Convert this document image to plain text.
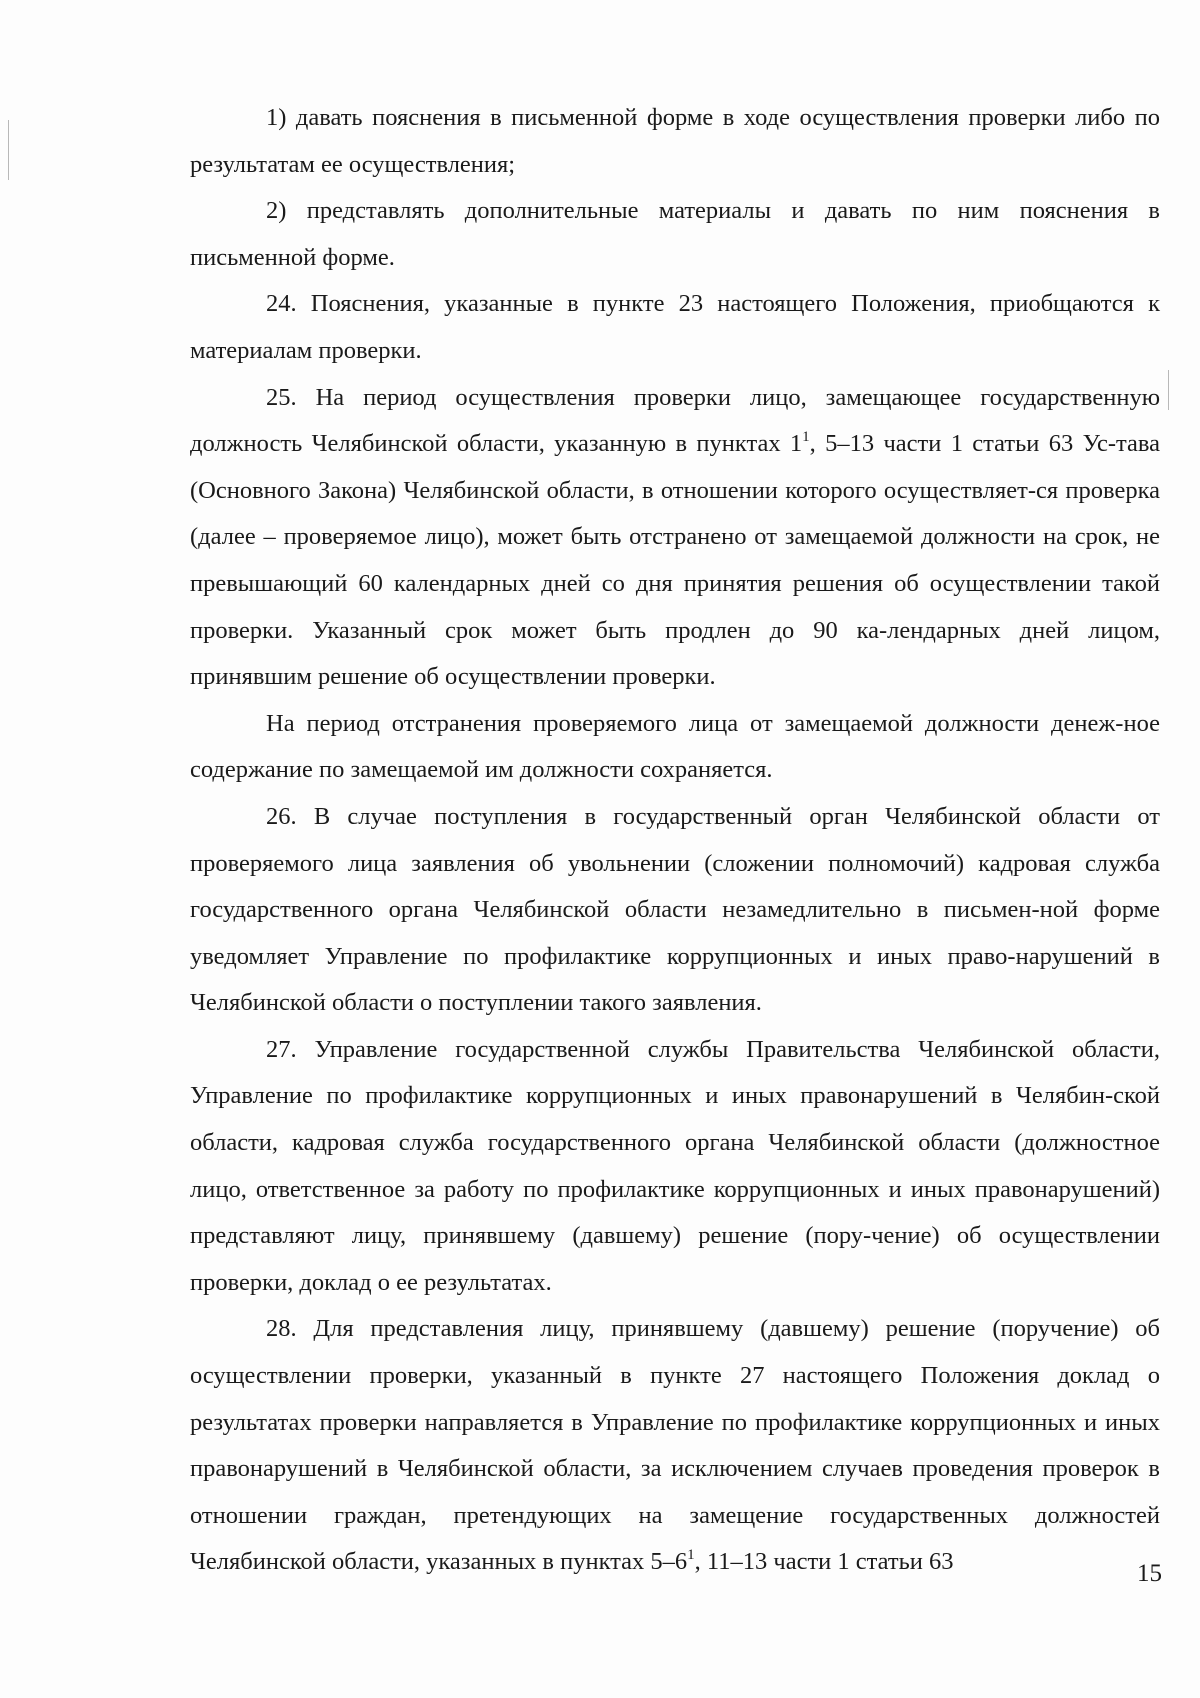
1) давать пояснения в письменной форме в ходе осуществления проверки либо по результатам ее осуществления;

2) представлять дополнительные материалы и давать по ним пояснения в письменной форме.

24. Пояснения, указанные в пункте 23 настоящего Положения, приобщаются к материалам проверки.

25. На период осуществления проверки лицо, замещающее государственную должность Челябинской области, указанную в пунктах $1^1$, 5–13 части 1 статьи 63 Ус-тава (Основного Закона) Челябинской области, в отношении которого осуществляет-ся проверка (далее – проверяемое лицо), может быть отстранено от замещаемой должности на срок, не превышающий 60 календарных дней со дня принятия решения об осуществлении такой проверки. Указанный срок может быть продлен до 90 ка-лендарных дней лицом, принявшим решение об осуществлении проверки.

На период отстранения проверяемого лица от замещаемой должности денеж-ное содержание по замещаемой им должности сохраняется.

26. В случае поступления в государственный орган Челябинской области от проверяемого лица заявления об увольнении (сложении полномочий) кадровая служба государственного органа Челябинской области незамедлительно в письмен-ной форме уведомляет Управление по профилактике коррупционных и иных право-нарушений в Челябинской области о поступлении такого заявления.

27. Управление государственной службы Правительства Челябинской области, Управление по профилактике коррупционных и иных правонарушений в Челябин-ской области, кадровая служба государственного органа Челябинской области (должностное лицо, ответственное за работу по профилактике коррупционных и иных правонарушений) представляют лицу, принявшему (давшему) решение (пору-чение) об осуществлении проверки, доклад о ее результатах.

28. Для представления лицу, принявшему (давшему) решение (поручение) об осуществлении проверки, указанный в пункте 27 настоящего Положения доклад о результатах проверки направляется в Управление по профилактике коррупционных и иных правонарушений в Челябинской области, за исключением случаев проведения проверок в отношении граждан, претендующих на замещение государственных должностей Челябинской области, указанных в пунктах $5-6^1$, 11–13 части 1 статьи 63	15
